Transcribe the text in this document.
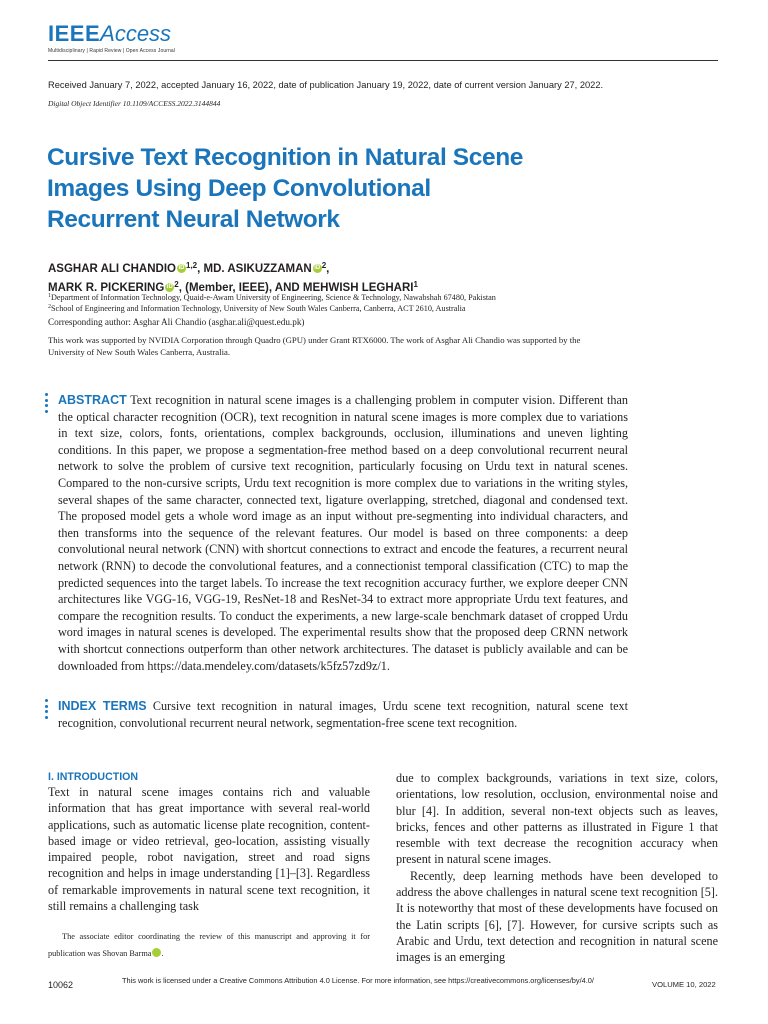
IEEEAccess
Multidisciplinary | Rapid Review | Open Access Journal
Received January 7, 2022, accepted January 16, 2022, date of publication January 19, 2022, date of current version January 27, 2022.
Digital Object Identifier 10.1109/ACCESS.2022.3144844
Cursive Text Recognition in Natural Scene
Images Using Deep Convolutional
Recurrent Neural Network
ASGHAR ALI CHANDIO iD $^{1,2}$, MD. ASIKUZZAMAN iD $^2$,
MARK R. PICKERING iD $^2$, (Member, IEEE), AND MEHWISH LEGHARI$^1$
$^1$Department of Information Technology, Quaid-e-Awam University of Engineering, Science & Technology, Nawabshah 67480, Pakistan
$^2$School of Engineering and Information Technology, University of New South Wales Canberra, Canberra, ACT 2610, Australia
Corresponding author: Asghar Ali Chandio (asghar.ali@quest.edu.pk)
This work was supported by NVIDIA Corporation through Quadro (GPU) under Grant RTX6000. The work of Asghar Ali Chandio was supported by the University of New South Wales Canberra, Australia.
ABSTRACT Text recognition in natural scene images is a challenging problem in computer vision. Different than the optical character recognition (OCR), text recognition in natural scene images is more complex due to variations in text size, colors, fonts, orientations, complex backgrounds, occlusion, illuminations and uneven lighting conditions. In this paper, we propose a segmentation-free method based on a deep convolutional recurrent neural network to solve the problem of cursive text recognition, particularly focusing on Urdu text in natural scenes. Compared to the non-cursive scripts, Urdu text recognition is more complex due to variations in the writing styles, several shapes of the same character, connected text, ligature overlapping, stretched, diagonal and condensed text. The proposed model gets a whole word image as an input without pre-segmenting into individual characters, and then transforms into the sequence of the relevant features. Our model is based on three components: a deep convolutional neural network (CNN) with shortcut connections to extract and encode the features, a recurrent neural network (RNN) to decode the convolutional features, and a connectionist temporal classification (CTC) to map the predicted sequences into the target labels. To increase the text recognition accuracy further, we explore deeper CNN architectures like VGG-16, VGG-19, ResNet-18 and ResNet-34 to extract more appropriate Urdu text features, and compare the recognition results. To conduct the experiments, a new large-scale benchmark dataset of cropped Urdu word images in natural scenes is developed. The experimental results show that the proposed deep CRNN network with shortcut connections outperform than other network architectures. The dataset is publicly available and can be downloaded from https://data.mendeley.com/datasets/k5fz57zd9z/1.
INDEX TERMS Cursive text recognition in natural images, Urdu scene text recognition, natural scene text recognition, convolutional recurrent neural network, segmentation-free scene text recognition.
I. INTRODUCTION

Text in natural scene images contains rich and valuable information that has great importance with several real-world applications, such as automatic license plate recognition, content-based image or video retrieval, geo-location, assisting visually impaired people, robot navigation, street and road signs recognition and helps in image understanding [1]–[3]. Regardless of remarkable improvements in natural scene text recognition, it still remains a challenging task

due to complex backgrounds, variations in text size, colors, orientations, low resolution, occlusion, environmental noise and blur [4]. In addition, several non-text objects such as leaves, bricks, fences and other patterns as illustrated in Figure 1 that resemble with text decrease the recognition accuracy when present in natural scene images.

Recently, deep learning methods have been developed to address the above challenges in natural scene text recognition [5]. It is noteworthy that most of these developments have focused on the Latin scripts [6], [7]. However, for cursive scripts such as Arabic and Urdu, text detection and recognition in natural scene images is an emerging

The associate editor coordinating the review of this manuscript and approving it for publication was Shovan Barma	iD.

10062	This work is licensed under a Creative Commons Attribution 4.0 License. For more information, see https://creativecommons.org/licenses/by/4.0/	VOLUME 10, 2022
